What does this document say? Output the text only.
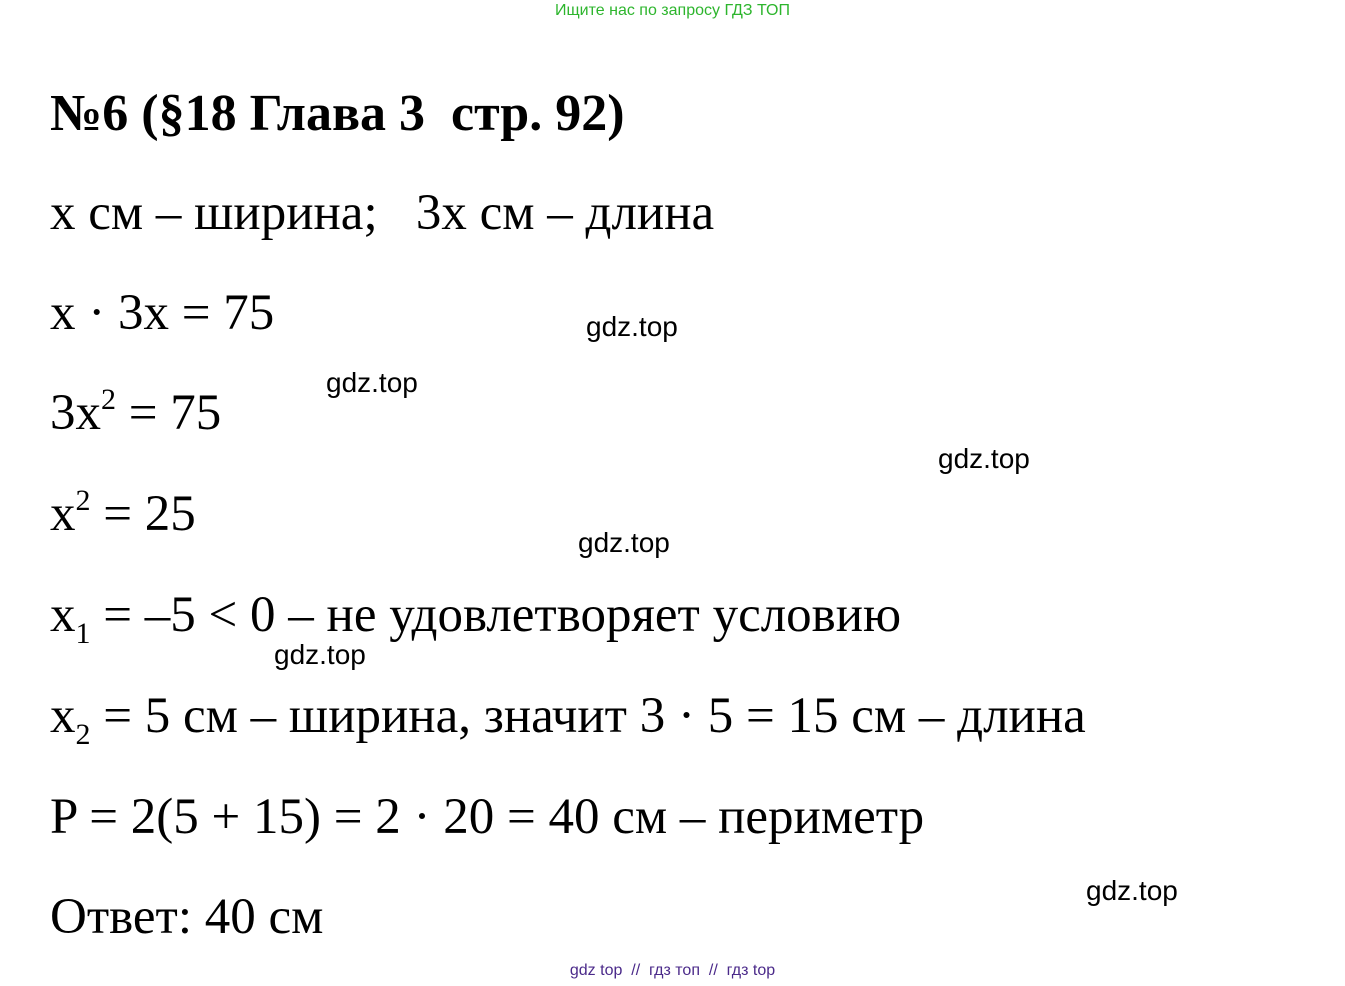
Ищите нас по запросу ГДЗ ТОП
№6 (§18 Глава 3  стр. 92)
x см – ширина;   3x см – длина
x · 3x = 75
$3x^2 = 75$
$x^2 = 25$
$x_1 = -5 < 0$ – не удовлетворяет условию
$x_2 = 5$ см – ширина, значит 3 · 5 = 15 см – длина
P = 2(5 + 15) = 2 · 20 = 40 см – периметр
Ответ: 40 см
gdz.top
gdz.top
gdz.top
gdz.top
gdz.top
gdz.top
gdz top  //  гдз топ  //  гдз top
